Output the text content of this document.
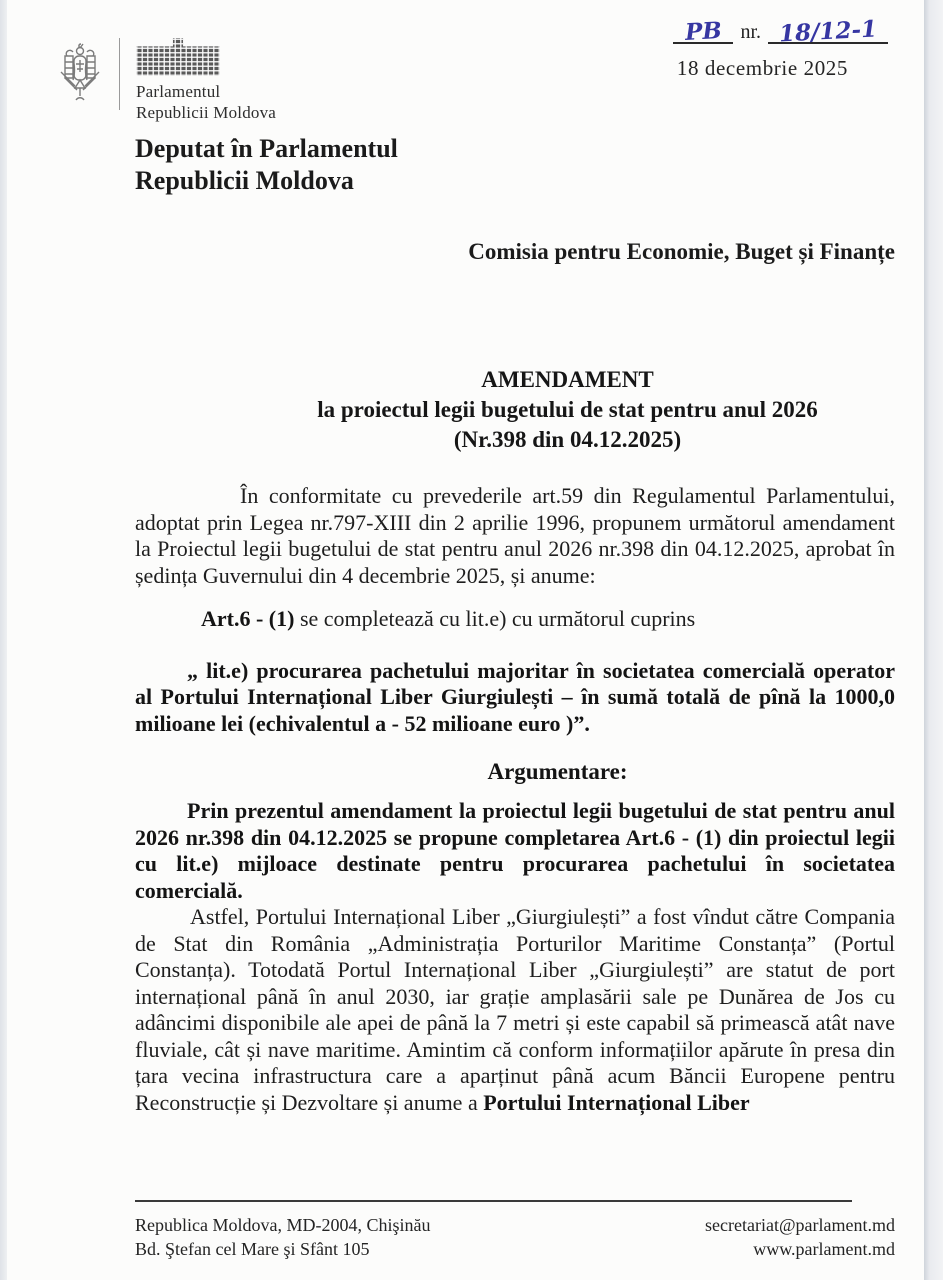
Parlamentul
Republicii Moldova
PB nr. 18/12-1
18 decembrie 2025
Deputat în Parlamentul
Republicii Moldova
Comisia pentru Economie, Buget și Finanțe
AMENDAMENT
la proiectul legii bugetului de stat pentru anul 2026
(Nr.398 din 04.12.2025)

În conformitate cu prevederile art.59 din Regulamentul Parlamentului, adoptat prin Legea nr.797-XIII din 2 aprilie 1996, propunem următorul amendament la Proiectul legii bugetului de stat pentru anul 2026 nr.398 din 04.12.2025, aprobat în ședința Guvernului din 4 decembrie 2025, și anume:

Art.6 - (1) se completează cu lit.e) cu următorul cuprins

„ lit.e) procurarea pachetului majoritar în societatea comercială operator al Portului Internațional Liber Giurgiulești – în sumă totală de pînă la 1000,0 milioane lei (echivalentul a - 52 milioane euro )”.

Argumentare:

Prin prezentul amendament la proiectul legii bugetului de stat pentru anul 2026 nr.398 din 04.12.2025 se propune completarea Art.6 - (1) din proiectul legii cu lit.e) mijloace destinate pentru procurarea pachetului în societatea comercială.

Astfel, Portului Internațional Liber „Giurgiulești” a fost vîndut către Compania de Stat din România „Administrația Porturilor Maritime Constanța” (Portul Constanța). Totodată Portul Internațional Liber „Giurgiulești” are statut de port internațional până în anul 2030, iar grație amplasării sale pe Dunărea de Jos cu adâncimi disponibile ale apei de până la 7 metri și este capabil să primească atât nave fluviale, cât și nave maritime. Amintim că conform informațiilor apărute în presa din țara vecina infrastructura care a aparținut până acum Băncii Europene pentru Reconstrucție și Dezvoltare și anume a Portului Internațional Liber

Republica Moldova, MD-2004, Chişinău
Bd. Ştefan cel Mare şi Sfânt 105
secretariat@parlament.md
www.parlament.md
